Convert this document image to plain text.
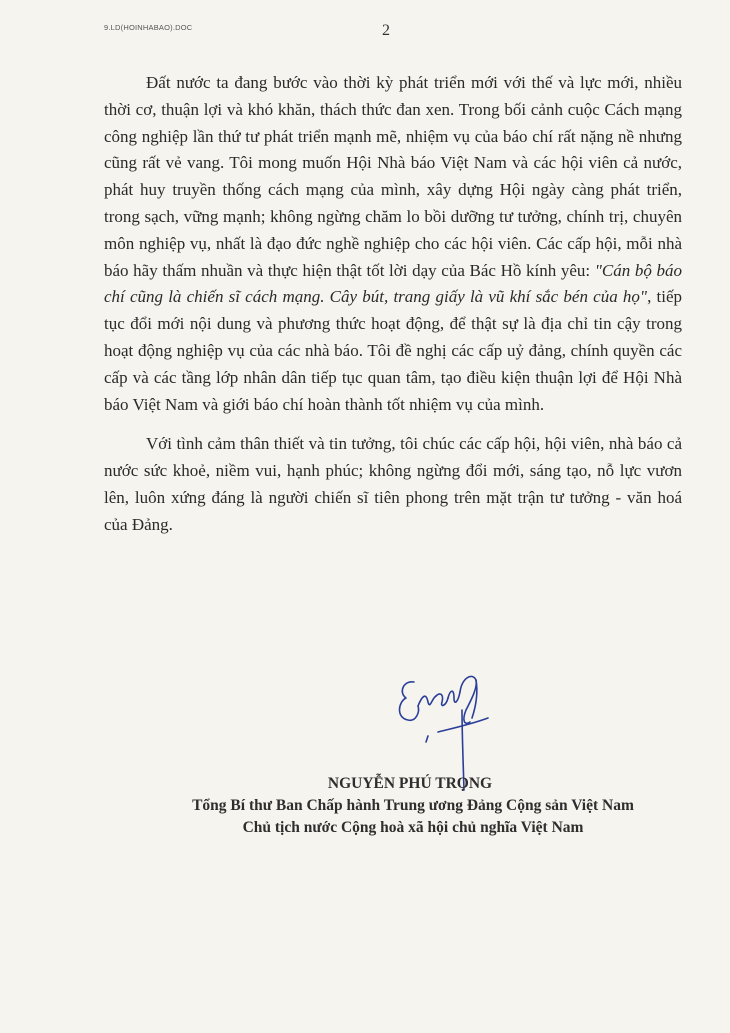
9.LD(HOINHABAO).DOC	2

Đất nước ta đang bước vào thời kỳ phát triển mới với thế và lực mới, nhiều thời cơ, thuận lợi và khó khăn, thách thức đan xen. Trong bối cảnh cuộc Cách mạng công nghiệp lần thứ tư phát triển mạnh mẽ, nhiệm vụ của báo chí rất nặng nề nhưng cũng rất vẻ vang. Tôi mong muốn Hội Nhà báo Việt Nam và các hội viên cả nước, phát huy truyền thống cách mạng của mình, xây dựng Hội ngày càng phát triển, trong sạch, vững mạnh; không ngừng chăm lo bồi dưỡng tư tưởng, chính trị, chuyên môn nghiệp vụ, nhất là đạo đức nghề nghiệp cho các hội viên. Các cấp hội, mỗi nhà báo hãy thấm nhuần và thực hiện thật tốt lời dạy của Bác Hồ kính yêu: "Cán bộ báo chí cũng là chiến sĩ cách mạng. Cây bút, trang giấy là vũ khí sắc bén của họ", tiếp tục đổi mới nội dung và phương thức hoạt động, để thật sự là địa chỉ tin cậy trong hoạt động nghiệp vụ của các nhà báo. Tôi đề nghị các cấp uỷ đảng, chính quyền các cấp và các tầng lớp nhân dân tiếp tục quan tâm, tạo điều kiện thuận lợi để Hội Nhà báo Việt Nam và giới báo chí hoàn thành tốt nhiệm vụ của mình.

Với tình cảm thân thiết và tin tưởng, tôi chúc các cấp hội, hội viên, nhà báo cả nước sức khoẻ, niềm vui, hạnh phúc; không ngừng đổi mới, sáng tạo, nỗ lực vươn lên, luôn xứng đáng là người chiến sĩ tiên phong trên mặt trận tư tưởng - văn hoá của Đảng.

NGUYỄN PHÚ TRỌNG
Tổng Bí thư Ban Chấp hành Trung ương Đảng Cộng sản Việt Nam
Chủ tịch nước Cộng hoà xã hội chủ nghĩa Việt Nam
